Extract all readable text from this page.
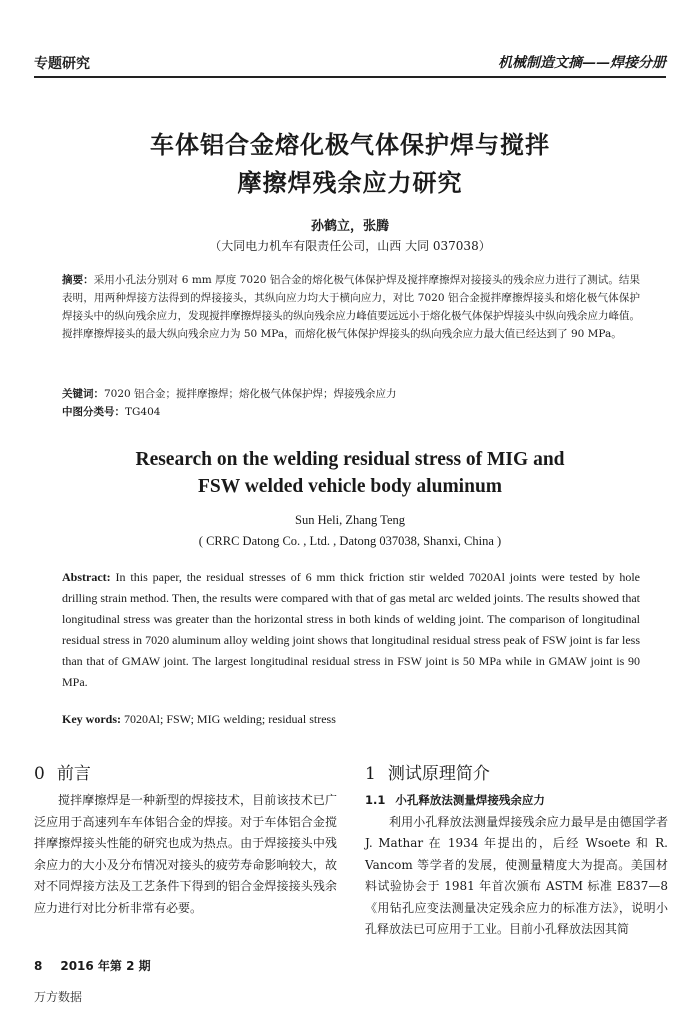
专题研究	机械制造文摘——焊接分册
车体铝合金熔化极气体保护焊与搅拌
摩擦焊残余应力研究
孙鹤立，张腾
（大同电力机车有限责任公司，山西 大同 037038）
摘要：采用小孔法分别对 6 mm 厚度 7020 铝合金的熔化极气体保护焊及搅拌摩擦焊对接接头的残余应力进行了测试。结果表明，用两种焊接方法得到的焊接接头，其纵向应力均大于横向应力，对比 7020 铝合金搅拌摩擦焊接头和熔化极气体保护焊接头中的纵向残余应力，发现搅拌摩擦焊接头的纵向残余应力峰值要远远小于熔化极气体保护焊接头中纵向残余应力峰值。搅拌摩擦焊接头的最大纵向残余应力为 50 MPa，而熔化极气体保护焊接头的纵向残余应力最大值已经达到了 90 MPa。
关键词：7020 铝合金；搅拌摩擦焊；熔化极气体保护焊；焊接残余应力
中图分类号：TG404
Research on the welding residual stress of MIG and
FSW welded vehicle body aluminum
Sun Heli, Zhang Teng
( CRRC Datong Co. , Ltd. , Datong 037038, Shanxi, China )
Abstract: In this paper, the residual stresses of 6 mm thick friction stir welded 7020Al joints were tested by hole drilling strain method. Then, the results were compared with that of gas metal arc welded joints. The results showed that longitudinal stress was greater than the horizontal stress in both kinds of welding joint. The comparison of longitudinal residual stress in 7020 aluminum alloy welding joint shows that longitudinal residual stress peak of FSW joint is far less than that of GMAW joint. The largest longitudinal residual stress in FSW joint is 50 MPa while in GMAW joint is 90 MPa.
Key words: 7020Al; FSW; MIG welding; residual stress
0 前言	1 测试原理简介
搅拌摩擦焊是一种新型的焊接技术，目前该技术已广泛应用于高速列车车体铝合金的焊接。对于车体铝合金搅拌摩擦焊接头性能的研究也成为热点。由于焊接接头中残余应力的大小及分布情况对接头的疲劳寿命影响较大，故对不同焊接方法及工艺条件下得到的铝合金焊接接头残余应力进行对比分析非常有必要。
1.1 小孔释放法测量焊接残余应力
利用小孔释放法测量焊接残余应力最早是由德国学者 J. Mathar 在 1934 年提出的，后经 Wsoete 和 R. Vancom 等学者的发展，使测量精度大为提高。美国材料试验协会于 1981 年首次颁布 ASTM 标准 E837—8《用钻孔应变法测量决定残余应力的标准方法》，说明小孔释放法已可应用于工业。目前小孔释放法因其简
8 2016 年第 2 期
万方数据
